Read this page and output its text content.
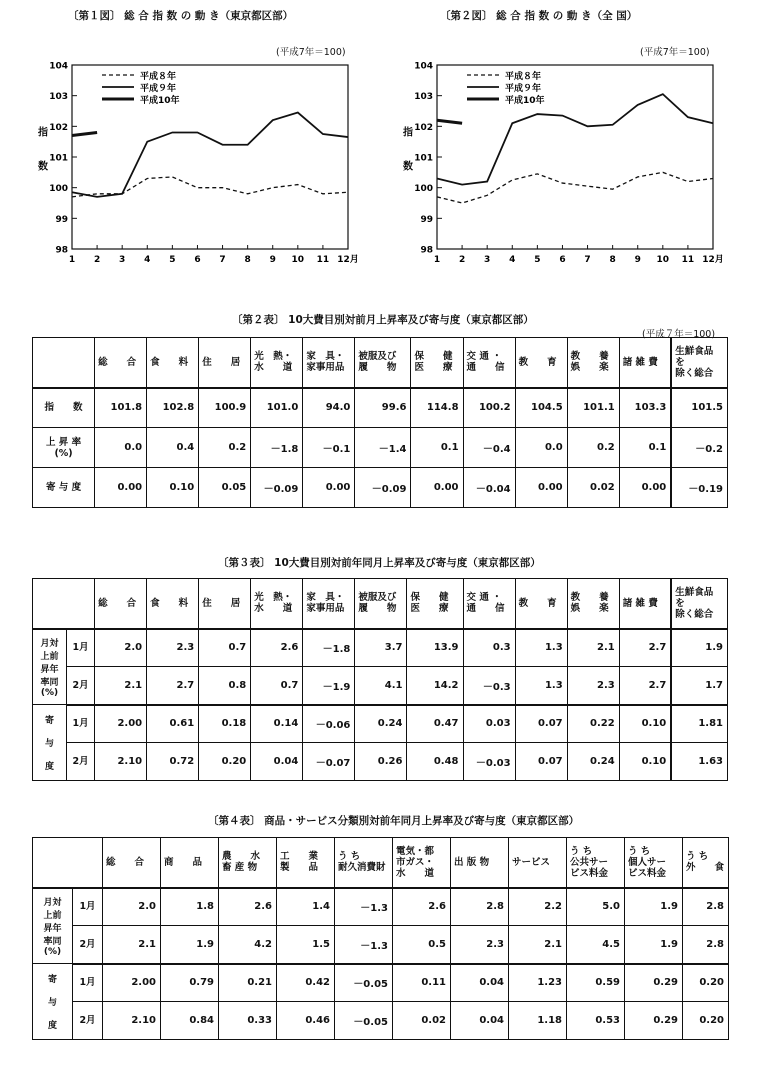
〔第１図〕 総 合 指 数 の 動 き（東京都区部）
(平成7年＝100)
104
103
102
101
100
99
98
1 2 3 4 5 6 7 8 9 10 11 12月
指
数
平成８年
平成９年
平成10年
〔第２図〕 総 合 指 数 の 動 き（全 国）
(平成7年＝100)
104
103
102
101
100
99
98
1 2 3 4 5 6 7 8 9 10 11 12月
指
数
平成８年
平成９年
平成10年
〔第２表〕 10大費目別対前月上昇率及び寄与度（東京都区部）
(平成７年＝100)
	総　　合	食　　料	住　　居	光　熱・
水　　道	家　具・
家事用品	被服及び
履　　物	保　　健
医　　療	交 通 ・
通　　信	教　　育	教　　養
娯　　楽	諸 雑 費	生鮮食品
を
除く総合
指　　数	101.8	102.8	100.9	101.0	94.0	99.6	114.8	100.2	104.5	101.1	103.3	101.5
上 昇 率
(%)	0.0	0.4	0.2	－1.8	－0.1	－1.4	0.1	－0.4	0.0	0.2	0.1	－0.2
寄 与 度	0.00	0.10	0.05	－0.09	0.00	－0.09	0.00	－0.04	0.00	0.02	0.00	－0.19
〔第３表〕 10大費目別対前年同月上昇率及び寄与度（東京都区部）
		総　　合	食　　料	住　　居	光　熱・
水　　道	家　具・
家事用品	被服及び
履　　物	保　　健
医　　療	交 通 ・
通　　信	教　　育	教　　養
娯　　楽	諸 雑 費	生鮮食品
を
除く総合
月対
上前
昇年
率同
(%)	1月	2.0	2.3	0.7	2.6	－1.8	3.7	13.9	0.3	1.3	2.1	2.7	1.9
	2月	2.1	2.7	0.8	0.7	－1.9	4.1	14.2	－0.3	1.3	2.3	2.7	1.7
寄

与

度	1月	2.00	0.61	0.18	0.14	－0.06	0.24	0.47	0.03	0.07	0.22	0.10	1.81
	2月	2.10	0.72	0.20	0.04	－0.07	0.26	0.48	－0.03	0.07	0.24	0.10	1.63
〔第４表〕 商品・サービス分類別対前年同月上昇率及び寄与度（東京都区部）
		総　　合	商　　品	農　　水
畜 産 物	工　　業
製　　品	う ち
耐久消費財	電気・都
市ガス・
水　　道	出 版 物	サービス	う ち
公共サー
ビス料金	う ち
個人サー
ビス料金	う ち
外　　食
月対
上前
昇年
率同
(%)	1月	2.0	1.8	2.6	1.4	－1.3	2.6	2.8	2.2	5.0	1.9	2.8
	2月	2.1	1.9	4.2	1.5	－1.3	0.5	2.3	2.1	4.5	1.9	2.8
寄

与

度	1月	2.00	0.79	0.21	0.42	－0.05	0.11	0.04	1.23	0.59	0.29	0.20
	2月	2.10	0.84	0.33	0.46	－0.05	0.02	0.04	1.18	0.53	0.29	0.20
